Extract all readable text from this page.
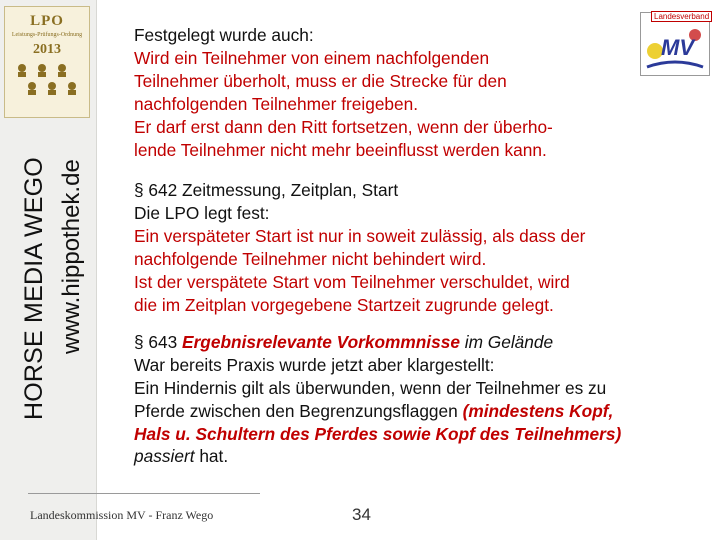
LPO
Leistungs-Prüfungs-Ordnung
2013
HORSE MEDIA WEGO www.hippothek.de
Landesverband
MV

Festgelegt wurde auch:

Wird ein Teilnehmer von einem nachfolgenden

Teilnehmer überholt, muss er die Strecke für den

nachfolgenden Teilnehmer freigeben.

Er darf erst dann den Ritt fortsetzen, wenn der überho-

lende Teilnehmer nicht mehr beeinflusst werden kann.

§ 642 Zeitmessung, Zeitplan, Start

Die LPO legt fest:

Ein verspäteter Start ist nur in soweit zulässig, als dass der

nachfolgende Teilnehmer nicht behindert wird.

Ist der verspätete Start vom Teilnehmer verschuldet, wird

die im Zeitplan vorgegebene Startzeit zugrunde gelegt.

§ 643 Ergebnisrelevante Vorkommnisse im Gelände

War bereits Praxis wurde jetzt aber klargestellt:

Ein Hindernis gilt als überwunden, wenn der Teilnehmer es zu

Pferde zwischen den Begrenzungsflaggen (mindestens Kopf,

Hals u. Schultern des Pferdes sowie Kopf des Teilnehmers)

passiert hat.

Landeskommission MV - Franz Wego	34
